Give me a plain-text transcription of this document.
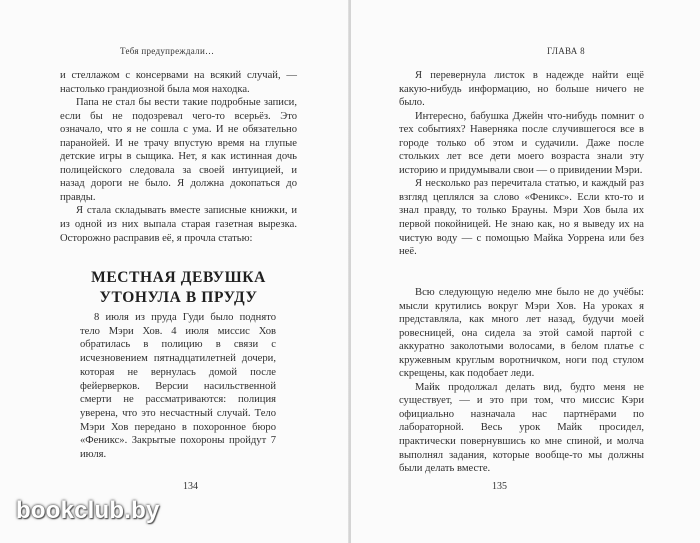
Тебя предупреждали…

и стеллажом с консервами на всякий случай, — настолько грандиозной была моя находка.

Папа не стал бы вести такие подробные записи, если бы не подозревал чего-то всерьёз. Это означало, что я не сошла с ума. И не обязательно паранойей. И не трачу впустую время на глупые детские игры в сыщика. Нет, я как истинная дочь полицейского следовала за своей интуицией, и назад дороги не было. Я должна докопаться до правды.

Я стала складывать вместе записные книжки, и из одной из них выпала старая газетная вырезка. Осторожно расправив её, я прочла статью:

МЕСТНАЯ ДЕВУШКА
УТОНУЛА В ПРУДУ

8 июля из пруда Гуди было поднято тело Мэри Хов. 4 июля миссис Хов обратилась в полицию в связи с исчезновением пятнадцатилетней дочери, которая не вернулась домой после фейерверков. Версии насильственной смерти не рассматриваются: полиция уверена, что это несчастный случай. Тело Мэри Хов передано в похоронное бюро «Феникс». Закрытые похороны пройдут 7 июля.

134
ГЛАВА 8

Я перевернула листок в надежде найти ещё какую-нибудь информацию, но больше ничего не было.

Интересно, бабушка Джейн что-нибудь помнит о тех событиях? Наверняка после случившегося все в городе только об этом и судачили. Даже после стольких лет все дети моего возраста знали эту историю и придумывали свои — о привидении Мэри.

Я несколько раз перечитала статью, и каждый раз взгляд цеплялся за слово «Феникс». Если кто-то и знал правду, то только Брауны. Мэри Хов была их первой покойницей. Не знаю как, но я выведу их на чистую воду — с помощью Майка Уоррена или без неё.

Всю следующую неделю мне было не до учёбы: мысли крутились вокруг Мэри Хов. На уроках я представляла, как много лет назад, будучи моей ровесницей, она сидела за этой самой партой с аккуратно заколотыми волосами, в белом платье с кружевным круглым воротничком, ноги под стулом скрещены, как подобает леди.

Майк продолжал делать вид, будто меня не существует, — и это при том, что миссис Кэри официально назначала нас партнёрами по лабораторной. Весь урок Майк просидел, практически повернувшись ко мне спиной, и молча выполнял задания, которые вообще-то мы должны были делать вместе.

135
bookclub.by
